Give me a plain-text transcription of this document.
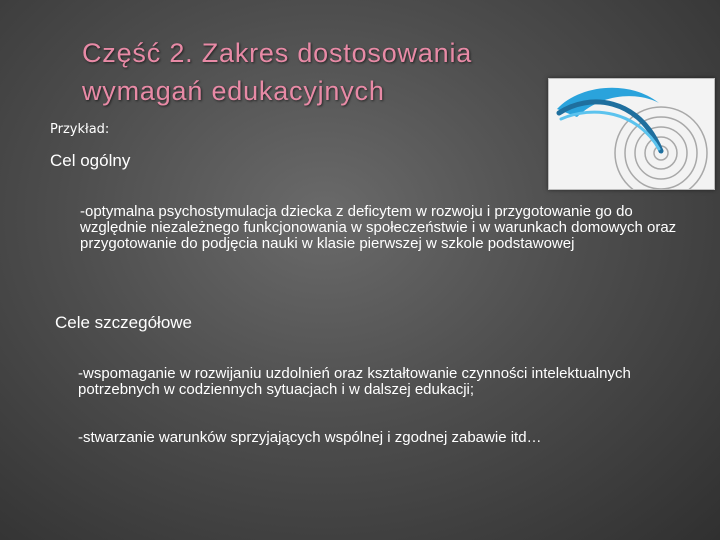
Część 2. Zakres dostosowania
wymagań edukacyjnych
Przykład:
Cel ogólny

-optymalna psychostymulacja dziecka z deficytem w rozwoju i przygotowanie go do względnie niezależnego funkcjonowania w społeczeństwie i w warunkach domowych oraz przygotowanie do podjęcia nauki w klasie pierwszej w szkole podstawowej

Cele szczegółowe

-wspomaganie w rozwijaniu uzdolnień oraz kształtowanie czynności intelektualnych potrzebnych w codziennych sytuacjach i w dalszej edukacji;

-stwarzanie warunków sprzyjających wspólnej i zgodnej zabawie itd…
